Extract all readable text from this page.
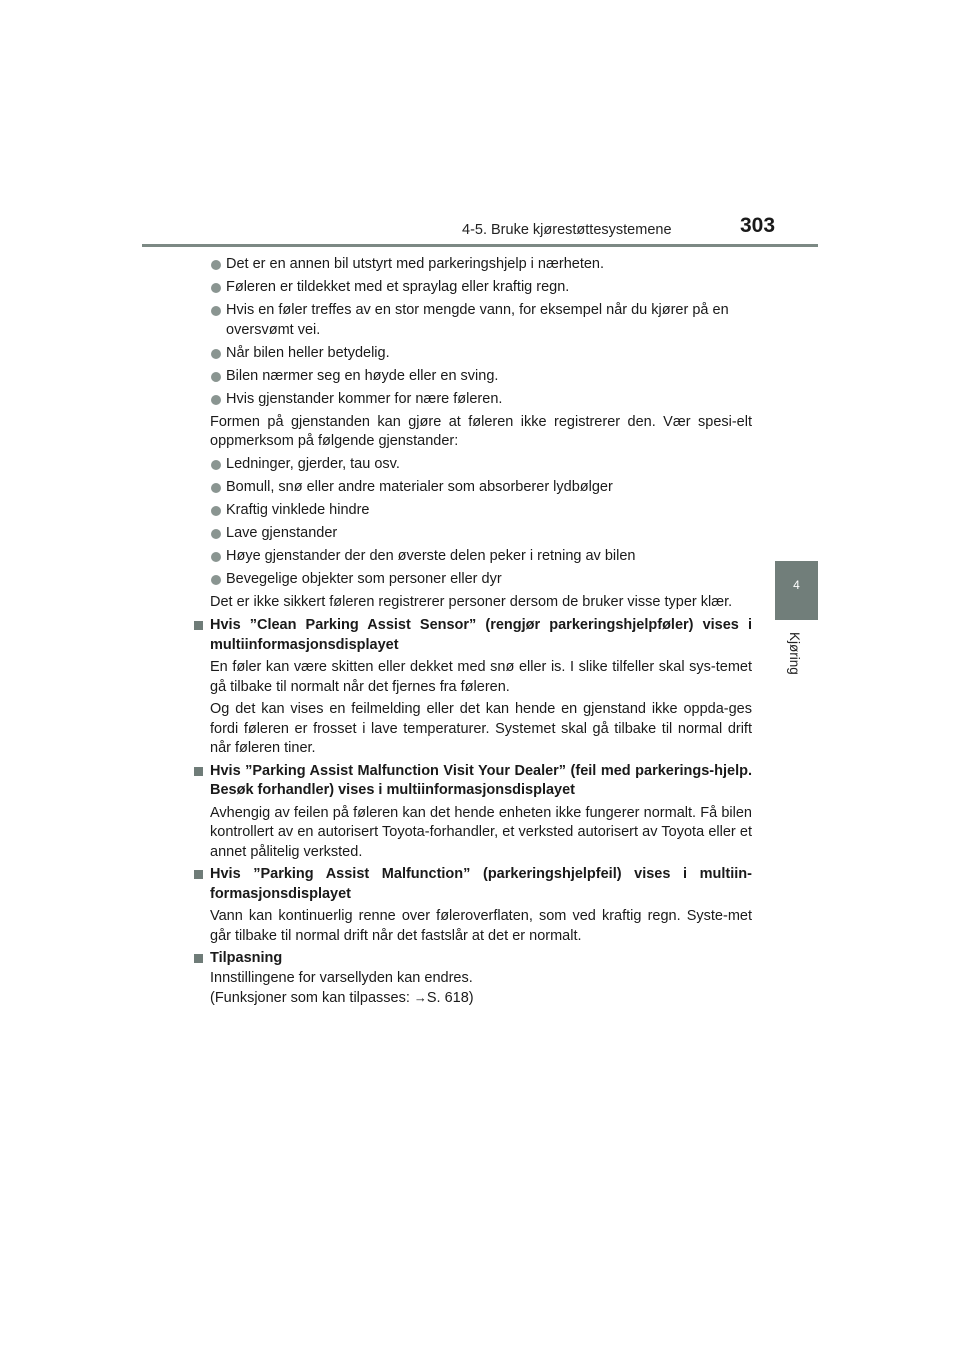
4-5. Bruke kjørestøttesystemene	303
4
Kjøring
Det er en annen bil utstyrt med parkeringshjelp i nærheten.
Føleren er tildekket med et spraylag eller kraftig regn.
Hvis en føler treffes av en stor mengde vann, for eksempel når du kjører på en oversvømt vei.
Når bilen heller betydelig.
Bilen nærmer seg en høyde eller en sving.
Hvis gjenstander kommer for nære føleren.
Formen på gjenstanden kan gjøre at føleren ikke registrerer den. Vær spesi-elt oppmerksom på følgende gjenstander:
Ledninger, gjerder, tau osv.
Bomull, snø eller andre materialer som absorberer lydbølger
Kraftig vinklede hindre
Lave gjenstander
Høye gjenstander der den øverste delen peker i retning av bilen
Bevegelige objekter som personer eller dyr
Det er ikke sikkert føleren registrerer personer dersom de bruker visse typer klær.
Hvis ”Clean Parking Assist Sensor” (rengjør parkeringshjelpføler) vises i multiinformasjonsdisplayet
En føler kan være skitten eller dekket med snø eller is. I slike tilfeller skal sys-temet gå tilbake til normalt når det fjernes fra føleren.
Og det kan vises en feilmelding eller det kan hende en gjenstand ikke oppda-ges fordi føleren er frosset i lave temperaturer. Systemet skal gå tilbake til normal drift når føleren tiner.
Hvis ”Parking Assist Malfunction Visit Your Dealer” (feil med parkerings-hjelp. Besøk forhandler) vises i multiinformasjonsdisplayet
Avhengig av feilen på føleren kan det hende enheten ikke fungerer normalt. Få bilen kontrollert av en autorisert Toyota-forhandler, et verksted autorisert av Toyota eller et annet pålitelig verksted.
Hvis ”Parking Assist Malfunction” (parkeringshjelpfeil) vises i multiin-formasjonsdisplayet
Vann kan kontinuerlig renne over føleroverflaten, som ved kraftig regn. Syste-met går tilbake til normal drift når det fastslår at det er normalt.
Tilpasning
Innstillingene for varsellyden kan endres.
(Funksjoner som kan tilpasses: →S. 618)
